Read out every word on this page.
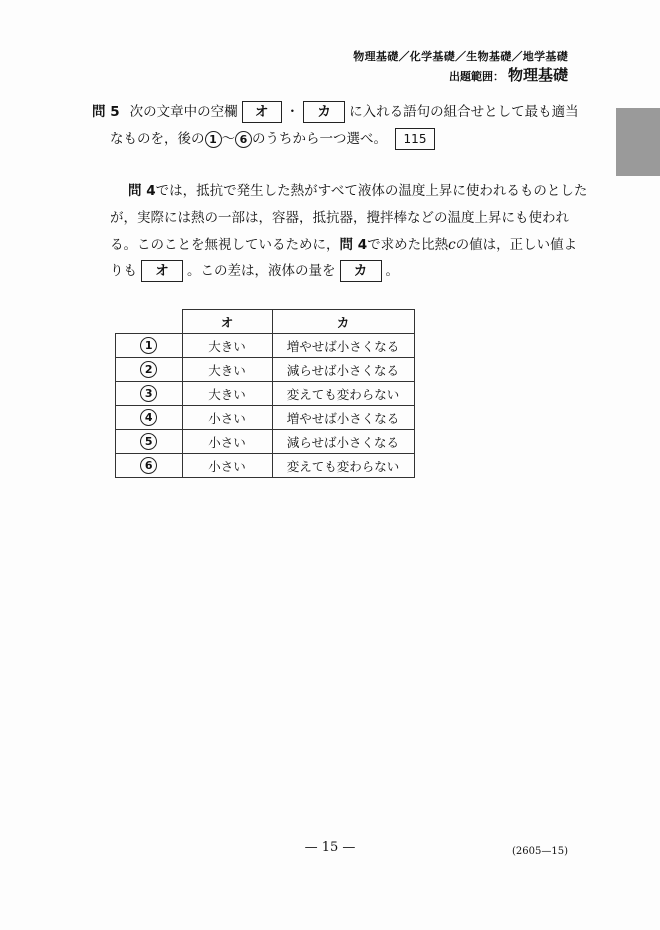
物理基礎／化学基礎／生物基礎／地学基礎
出題範囲： 物理基礎
問 5 次の文章中の空欄 オ ・ カ に入れる語句の組合せとして最も適当
なものを，後の 1 ～ 6 のうちから一つ選べ。 115
問 4では，抵抗で発生した熱がすべて液体の温度上昇に使われるものとした
が，実際には熱の一部は，容器，抵抗器，攪拌棒などの温度上昇にも使われ
る。このことを無視しているために，問 4で求めた比熱cの値は，正しい値よ
りも オ 。この差は，液体の量を カ 。
	オ	カ
1	大きい	増やせば小さくなる
2	大きい	減らせば小さくなる
3	大きい	変えても変わらない
4	小さい	増やせば小さくなる
5	小さい	減らせば小さくなる
6	小さい	変えても変わらない
— 15 —	(2605—15)
